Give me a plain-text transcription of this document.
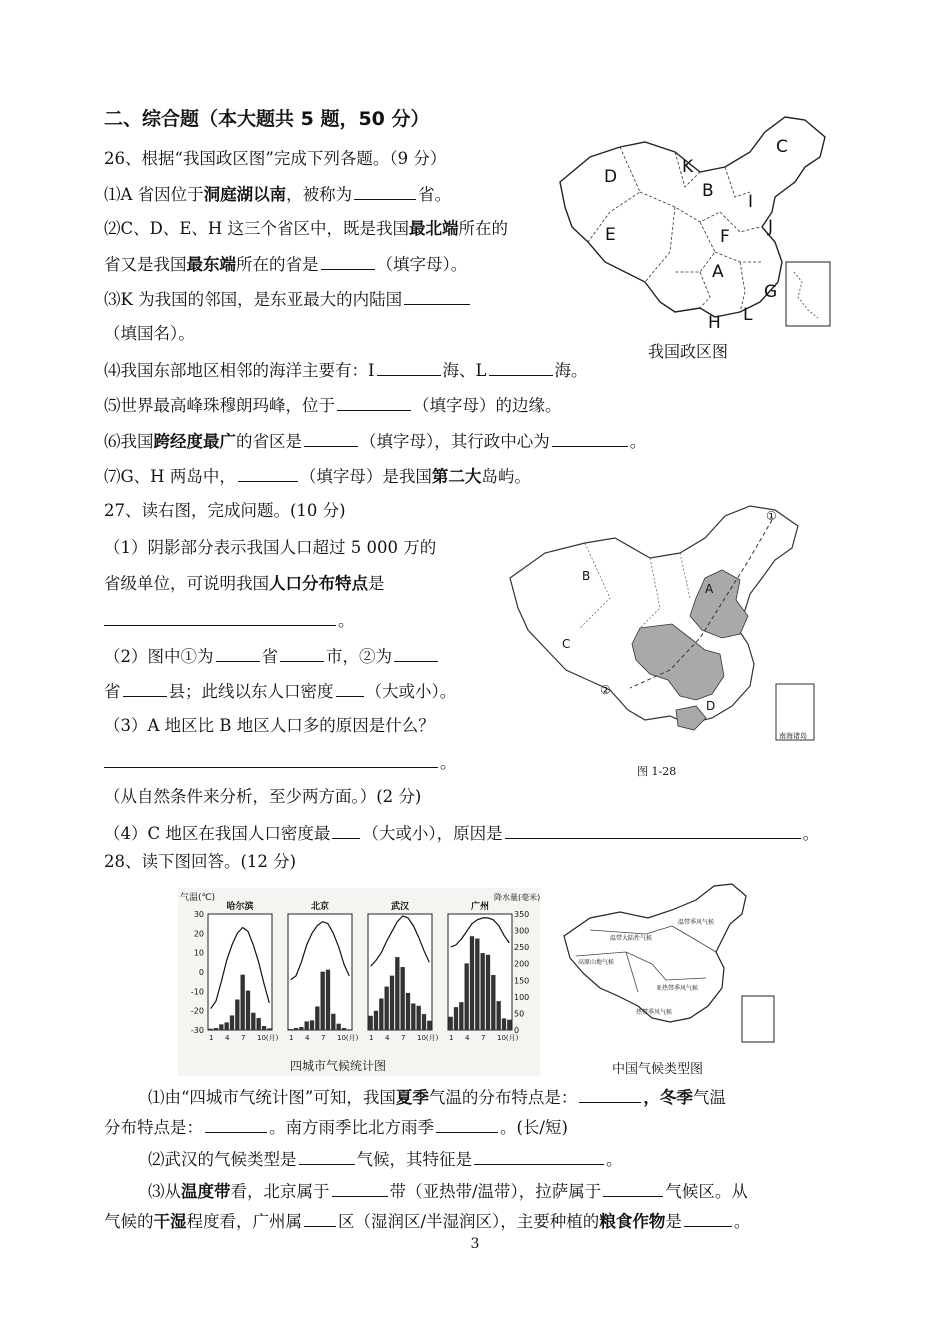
二、综合题（本大题共 5 题，50 分）
26、根据“我国政区图”完成下列各题。（9 分）
⑴A 省因位于洞庭湖以南，被称为	省。
⑵C、D、E、H 这三个省区中，既是我国最北端所在的
省又是我国最东端所在的省是	（填字母）。
⑶K 为我国的邻国，是东亚最大的内陆国
（填国名）。
⑷我国东部地区相邻的海洋主要有：I	海、L	海。
⑸世界最高峰珠穆朗玛峰，位于	（填字母）的边缘。
⑹我国跨经度最广的省区是	（填字母），其行政中心为	。
⑺G、H 两岛中，	（填字母）是我国第二大岛屿。
D	K
C
B
I
E	F J
A
G
H L
我国政区图
27、读右图，完成问题。(10 分)
（1）阴影部分表示我国人口超过 5 000 万的
省级单位，可说明我国人口分布特点是
。
（2）图中①为	省	市，②为
省	县；此线以东人口密度 （大或小）。
（3）A 地区比 B 地区人口多的原因是什么？
。
（从自然条件来分析，至少两方面。）(2 分)
（4）C 地区在我国人口密度最 （大或小），原因是	。
南海诸岛
①
B
C
A
②
D
图 1-28
28、读下图回答。(12 分)
气温(℃)	降水量(毫米)
30
20
10
0
-10
-20
-30
350
300
250
200
150
100
50
0
哈尔滨
1 4 7 10(月)
北京
1 4 7 10(月)
武汉
1 4 7 10(月)
广州
1 4 7 10(月)
四城市气候统计图
温带季风气候
温带大陆性气候
高原山地气候
亚热带季风气候
热带季风气候
中国气候类型图
⑴由“四城市气统计图”可知，我国夏季气温的分布特点是：	，冬季气温
分布特点是：	。南方雨季比北方雨季	。(长/短)
⑵武汉的气候类型是	气候，其特征是	。
⑶从温度带看，北京属于	带（亚热带/温带），拉萨属于	气候区。从
气候的干湿程度看，广州属 区（湿润区/半湿润区），主要种植的粮食作物是	。
3
